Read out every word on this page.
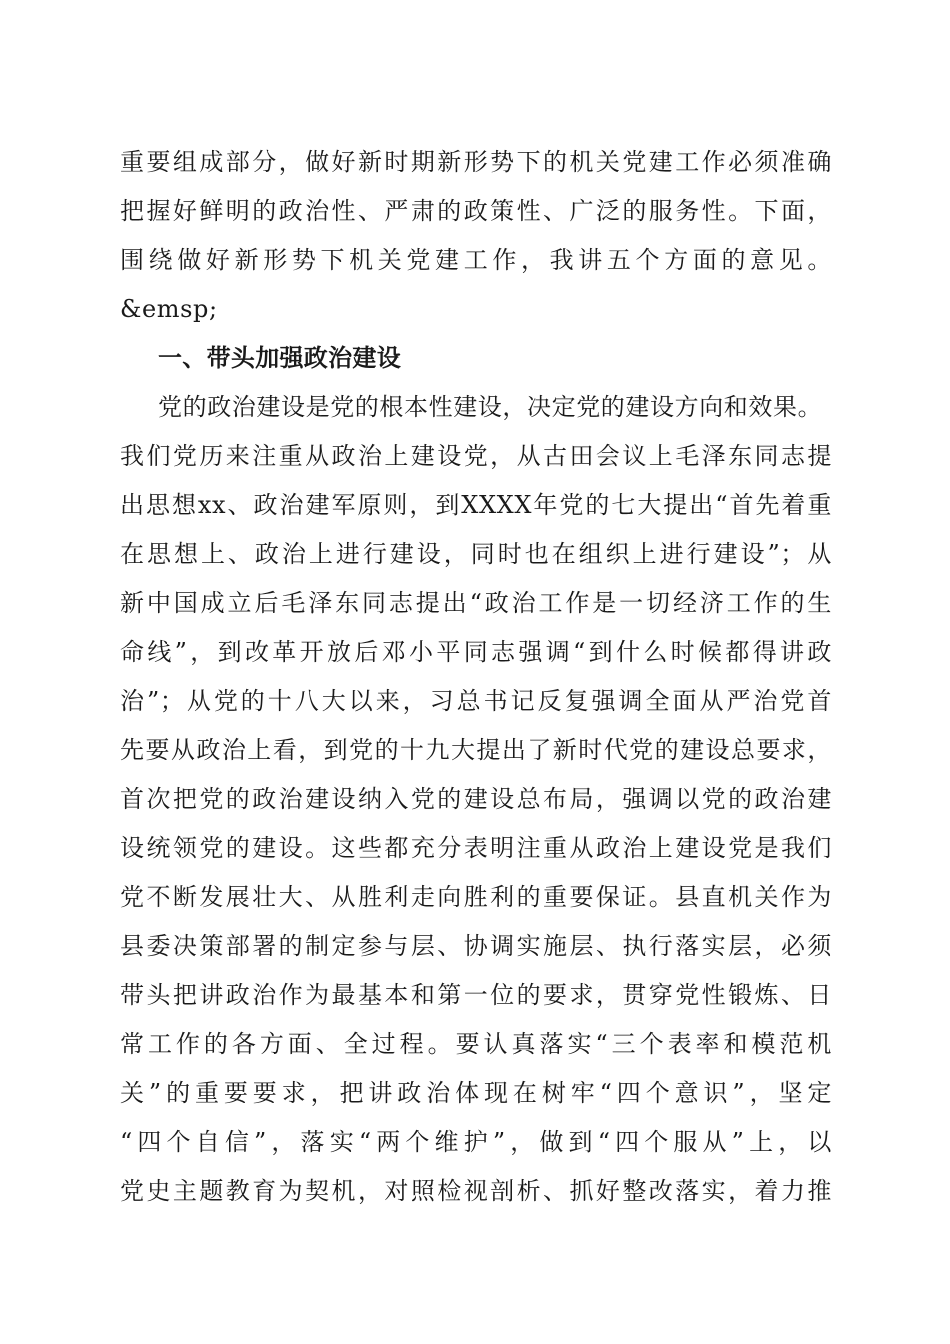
重要组成部分，做好新时期新形势下的机关党建工作必须准确
把握好鲜明的政治性、严肃的政策性、广泛的服务性。下面，
围绕做好新形势下机关党建工作，我讲五个方面的意见。
&emsp;
一、带头加强政治建设
党的政治建设是党的根本性建设，决定党的建设方向和效果。
我们党历来注重从政治上建设党，从古田会议上毛泽东同志提
出思想xx、政治建军原则，到XXXX年党的七大提出“首先着重
在思想上、政治上进行建设，同时也在组织上进行建设”；从
新中国成立后毛泽东同志提出“政治工作是一切经济工作的生
命线”，到改革开放后邓小平同志强调“到什么时候都得讲政
治”；从党的十八大以来，习总书记反复强调全面从严治党首
先要从政治上看，到党的十九大提出了新时代党的建设总要求，
首次把党的政治建设纳入党的建设总布局，强调以党的政治建
设统领党的建设。这些都充分表明注重从政治上建设党是我们
党不断发展壮大、从胜利走向胜利的重要保证。县直机关作为
县委决策部署的制定参与层、协调实施层、执行落实层，必须
带头把讲政治作为最基本和第一位的要求，贯穿党性锻炼、日
常工作的各方面、全过程。要认真落实“三个表率和模范机
关”的重要要求，把讲政治体现在树牢“四个意识”，坚定
“四个自信”，落实“两个维护”，做到“四个服从”上，以
党史主题教育为契机，对照检视剖析、抓好整改落实，着力推
